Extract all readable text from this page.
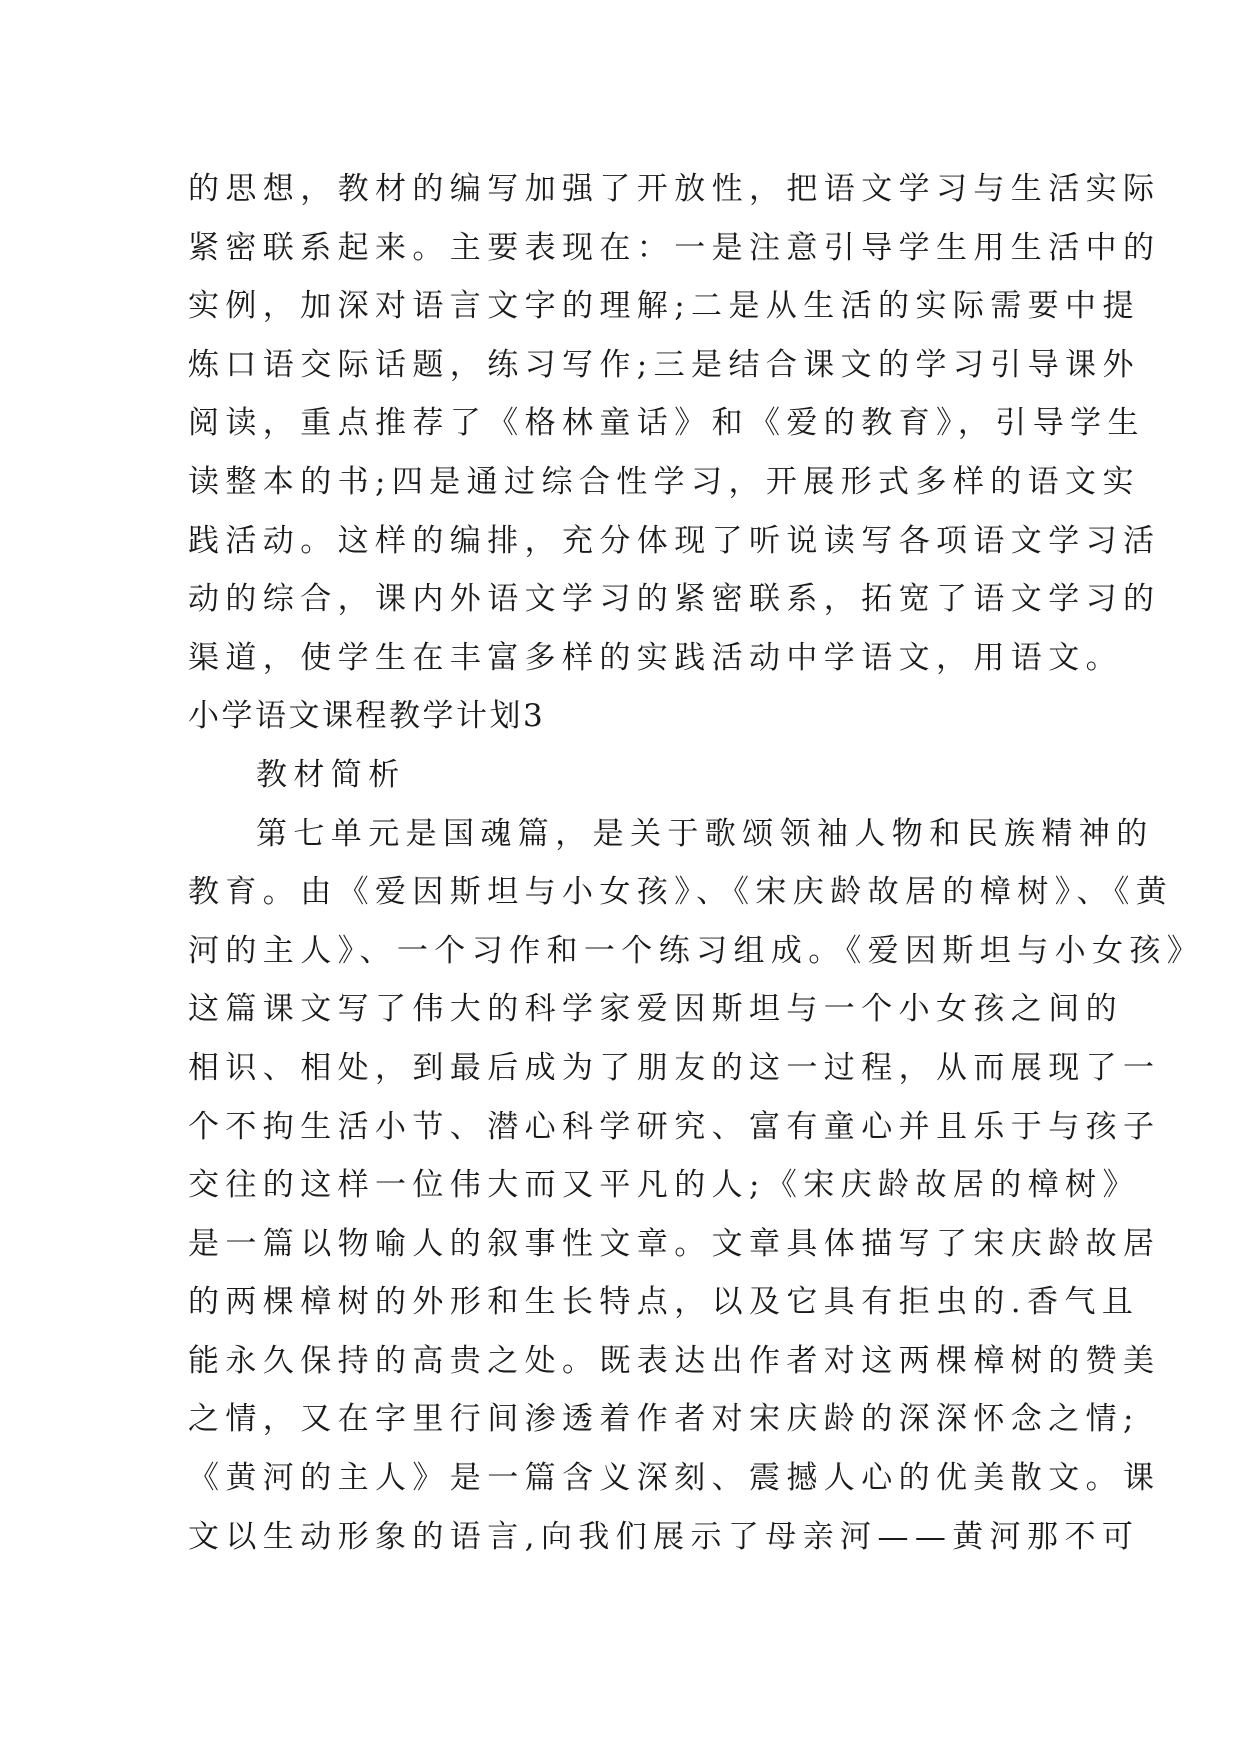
的思想，教材的编写加强了开放性，把语文学习与生活实际
紧密联系起来。主要表现在：一是注意引导学生用生活中的
实例，加深对语言文字的理解;二是从生活的实际需要中提
炼口语交际话题，练习写作;三是结合课文的学习引导课外
阅读，重点推荐了《格林童话》和《爱的教育》，引导学生
读整本的书;四是通过综合性学习，开展形式多样的语文实
践活动。这样的编排，充分体现了听说读写各项语文学习活
动的综合，课内外语文学习的紧密联系，拓宽了语文学习的
渠道，使学生在丰富多样的实践活动中学语文，用语文。
小学语文课程教学计划3
教材简析
第七单元是国魂篇，是关于歌颂领袖人物和民族精神的
教育。由《爱因斯坦与小女孩》、《宋庆龄故居的樟树》、《黄
河的主人》、一个习作和一个练习组成。《爱因斯坦与小女孩》
这篇课文写了伟大的科学家爱因斯坦与一个小女孩之间的
相识、相处，到最后成为了朋友的这一过程，从而展现了一
个不拘生活小节、潜心科学研究、富有童心并且乐于与孩子
交往的这样一位伟大而又平凡的人;《宋庆龄故居的樟树》
是一篇以物喻人的叙事性文章。文章具体描写了宋庆龄故居
的两棵樟树的外形和生长特点，以及它具有拒虫的.香气且
能永久保持的高贵之处。既表达出作者对这两棵樟树的赞美
之情，又在字里行间渗透着作者对宋庆龄的深深怀念之情;
《黄河的主人》是一篇含义深刻、震撼人心的优美散文。课
文以生动形象的语言,向我们展示了母亲河——黄河那不可
